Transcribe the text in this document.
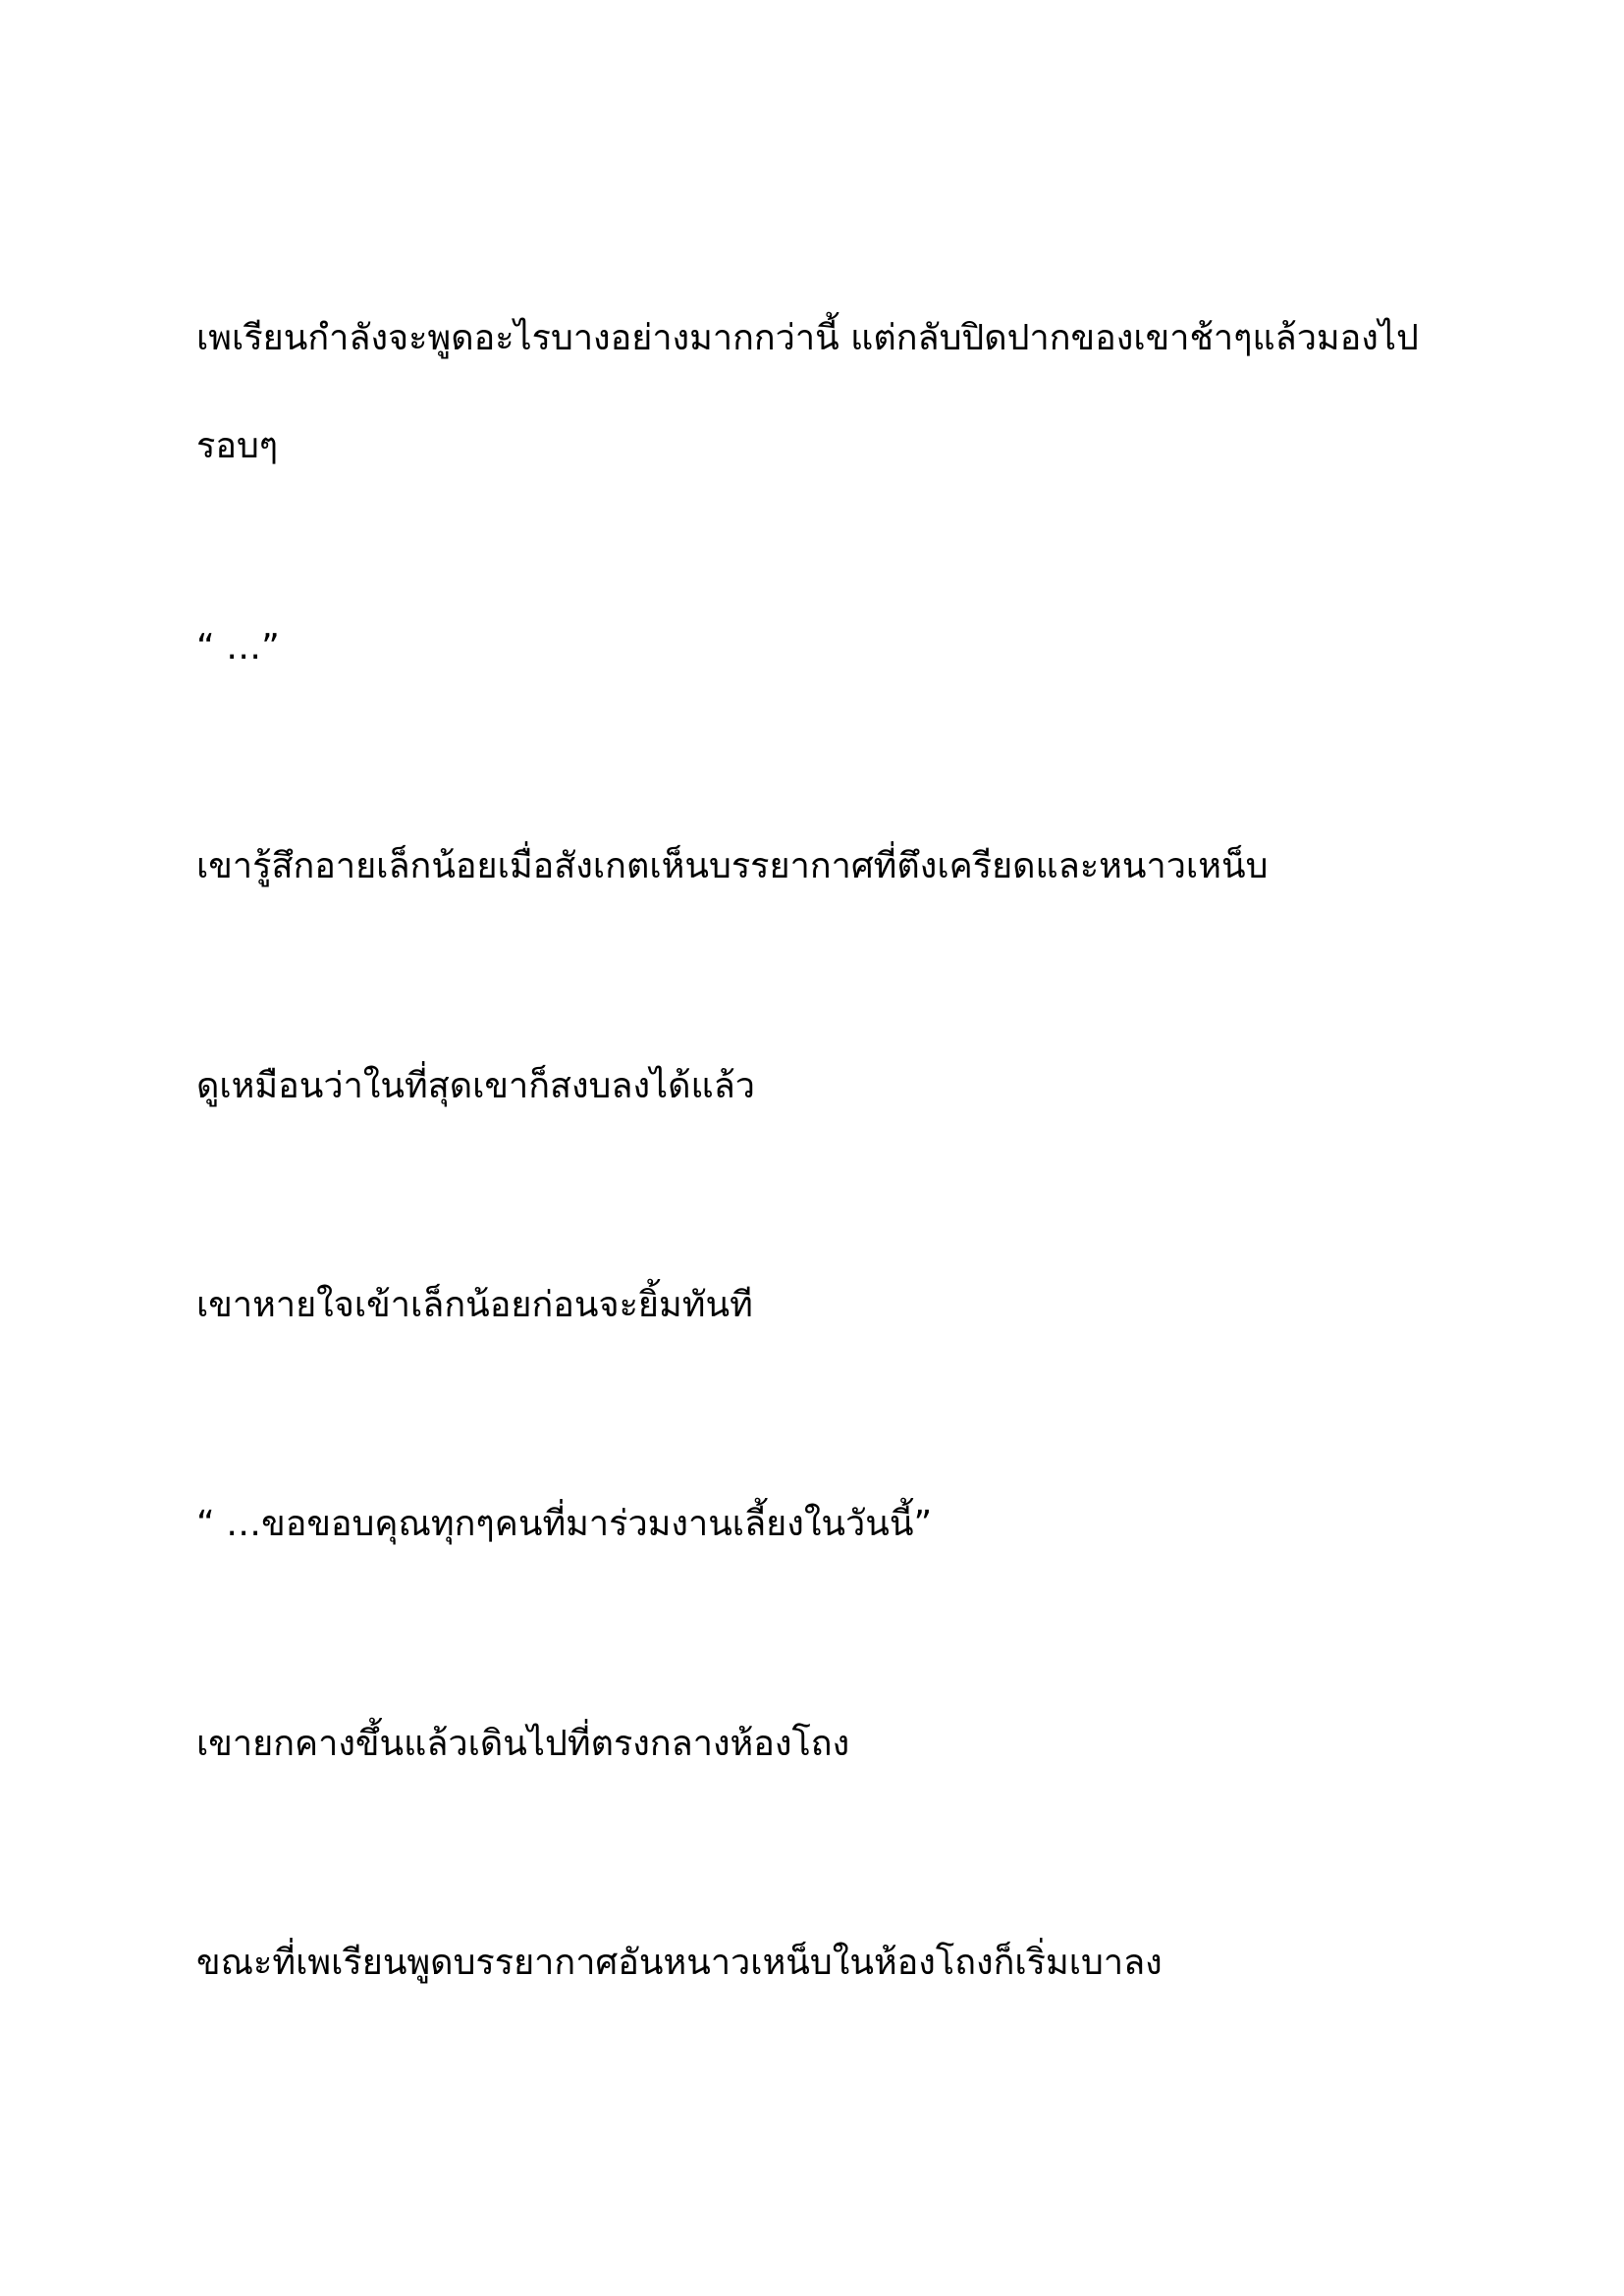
เพเรียนกำลังจะพูดอะไรบางอย่างมากกว่านี้ แต่กลับปิดปากของเขาช้าๆแล้วมองไปรอบๆ

“ …”

เขารู้สึกอายเล็กน้อยเมื่อสังเกตเห็นบรรยากาศที่ตึงเครียดและหนาวเหน็บ

ดูเหมือนว่าในที่สุดเขาก็สงบลงได้แล้ว

เขาหายใจเข้าเล็กน้อยก่อนจะยิ้มทันที

“ …ขอขอบคุณทุกๆคนที่มาร่วมงานเลี้ยงในวันนี้”

เขายกคางขึ้นแล้วเดินไปที่ตรงกลางห้องโถง

ขณะที่เพเรียนพูดบรรยากาศอันหนาวเหน็บในห้องโถงก็เริ่มเบาลง
